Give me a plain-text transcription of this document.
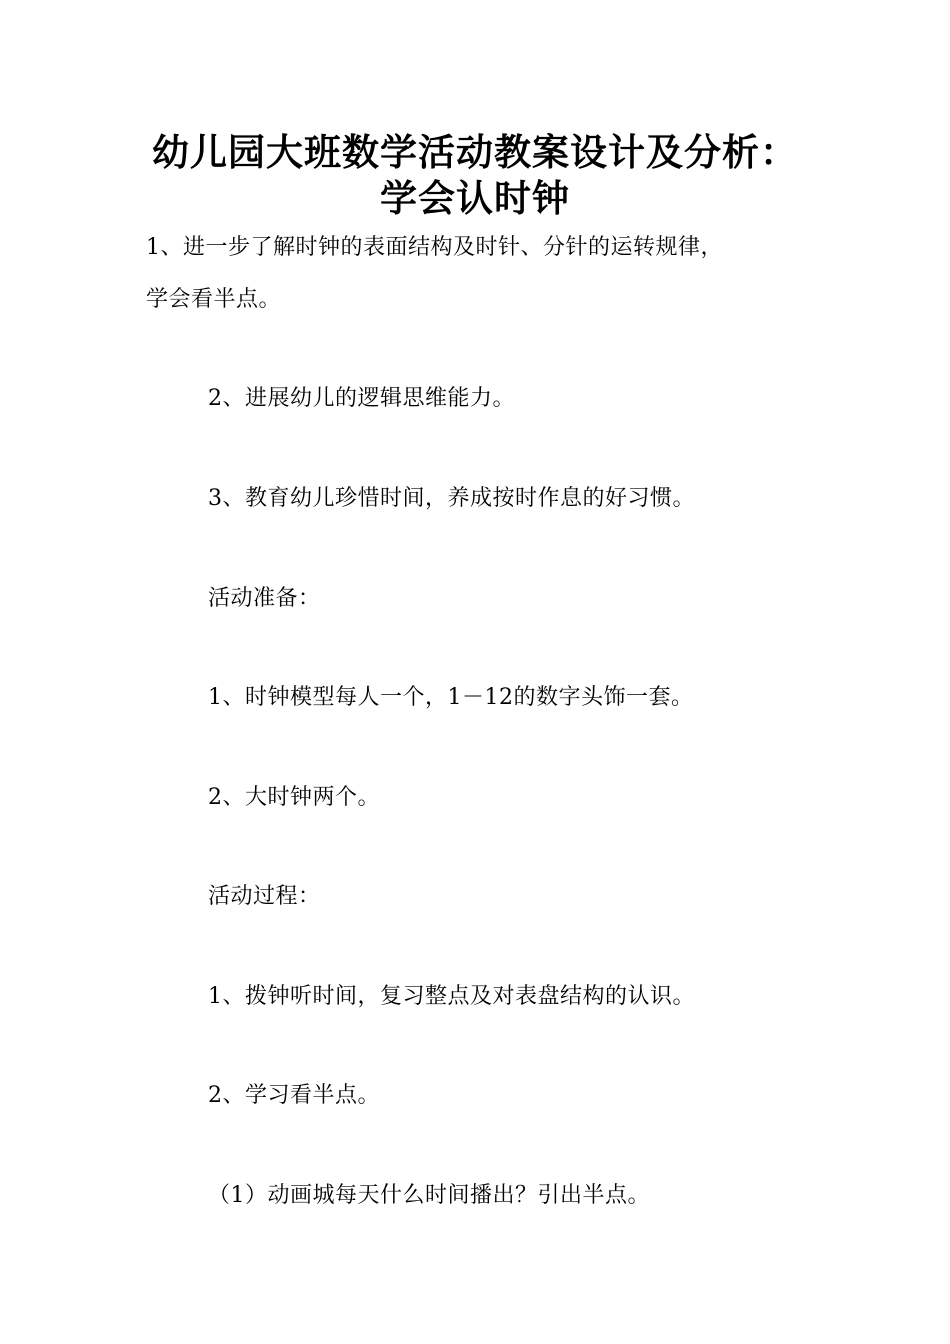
幼儿园大班数学活动教案设计及分析：
学会认时钟
1、进一步了解时钟的表面结构及时针、分针的运转规律，
学会看半点。
2、进展幼儿的逻辑思维能力。
3、教育幼儿珍惜时间，养成按时作息的好习惯。
活动准备：
1、时钟模型每人一个，1－12的数字头饰一套。
2、大时钟两个。
活动过程：
1、拨钟听时间，复习整点及对表盘结构的认识。
2、学习看半点。
（1）动画城每天什么时间播出？引出半点。
